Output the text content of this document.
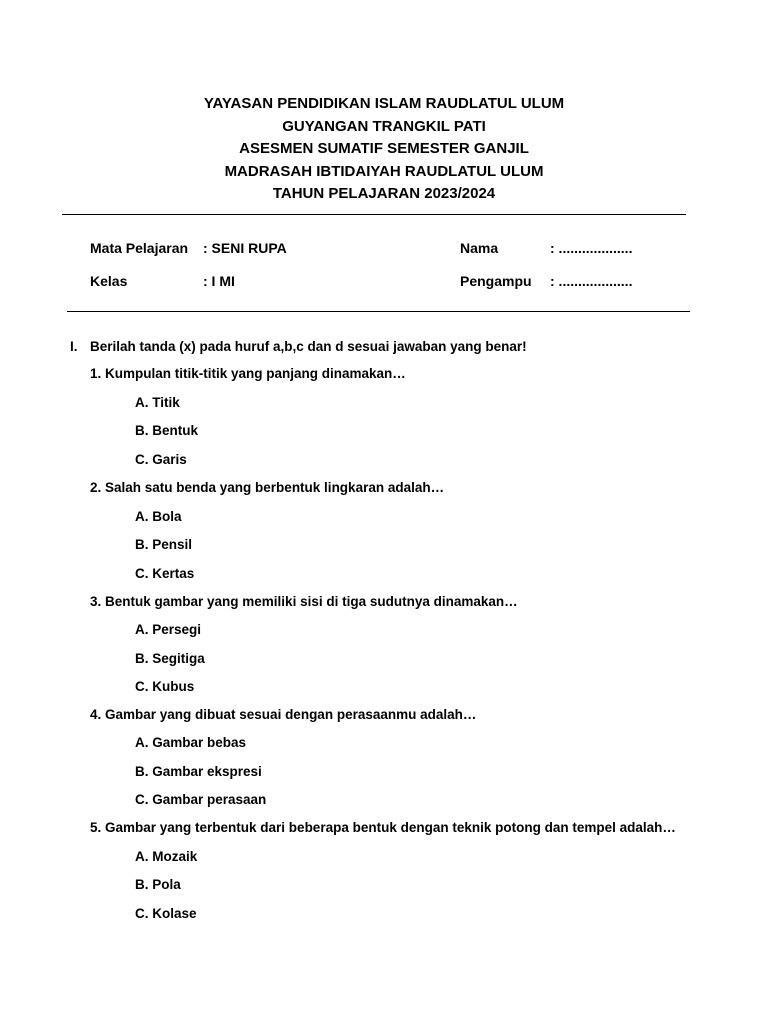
YAYASAN PENDIDIKAN ISLAM RAUDLATUL ULUM
GUYANGAN TRANGKIL PATI
ASESMEN SUMATIF SEMESTER GANJIL
MADRASAH IBTIDAIYAH RAUDLATUL ULUM
TAHUN PELAJARAN 2023/2024
Mata Pelajaran : SENI RUPA	Nama	: ...................
Kelas	: I MI	Pengampu : ...................
I. Berilah tanda (x) pada huruf a,b,c dan d sesuai jawaban yang benar!
1. Kumpulan titik-titik yang panjang dinamakan…
A. Titik
B. Bentuk
C. Garis
2. Salah satu benda yang berbentuk lingkaran adalah…
A. Bola
B. Pensil
C. Kertas
3. Bentuk gambar yang memiliki sisi di tiga sudutnya dinamakan…
A. Persegi
B. Segitiga
C. Kubus
4. Gambar yang dibuat sesuai dengan perasaanmu adalah…
A. Gambar bebas
B. Gambar ekspresi
C. Gambar perasaan
5. Gambar yang terbentuk dari beberapa bentuk dengan teknik potong dan tempel adalah…
A. Mozaik
B. Pola
C. Kolase
